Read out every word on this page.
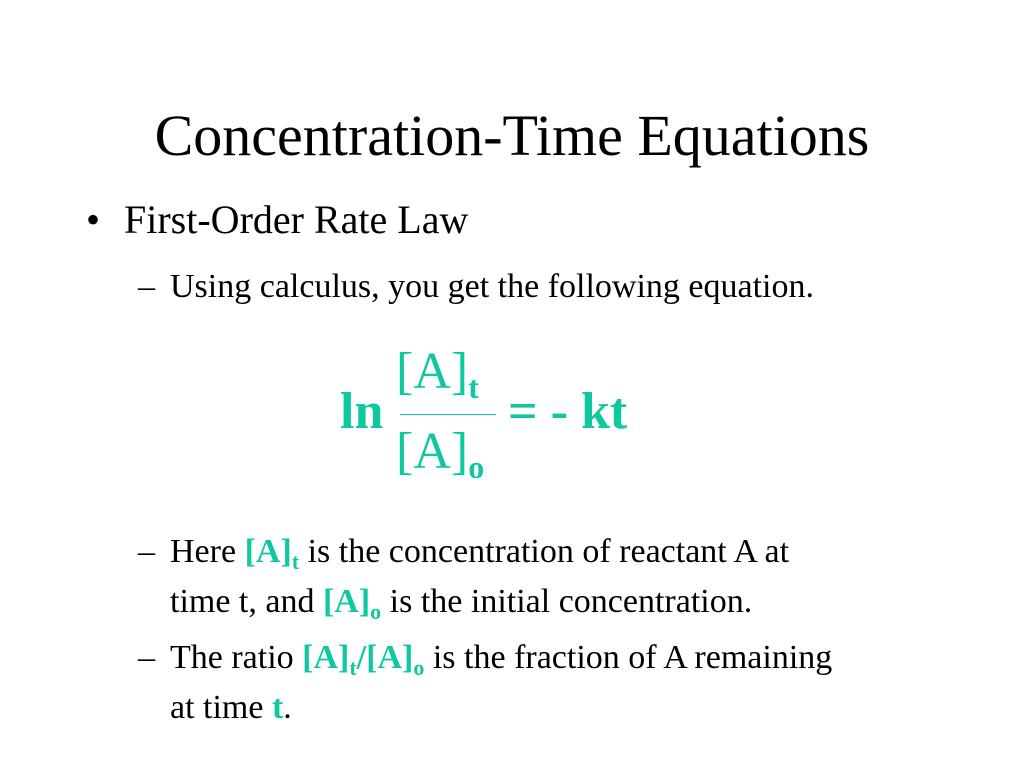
Concentration-Time Equations
• First-Order Rate Law
– Using calculus, you get the following equation.
ln
$[A]_t$
$[A]_o$
= - kt
– Here $[A]_t$ is the concentration of reactant A at
time t, and $[A]_o$ is the initial concentration.
– The ratio $[A]_t/[A]_o$ is the fraction of A remaining
at time t.
